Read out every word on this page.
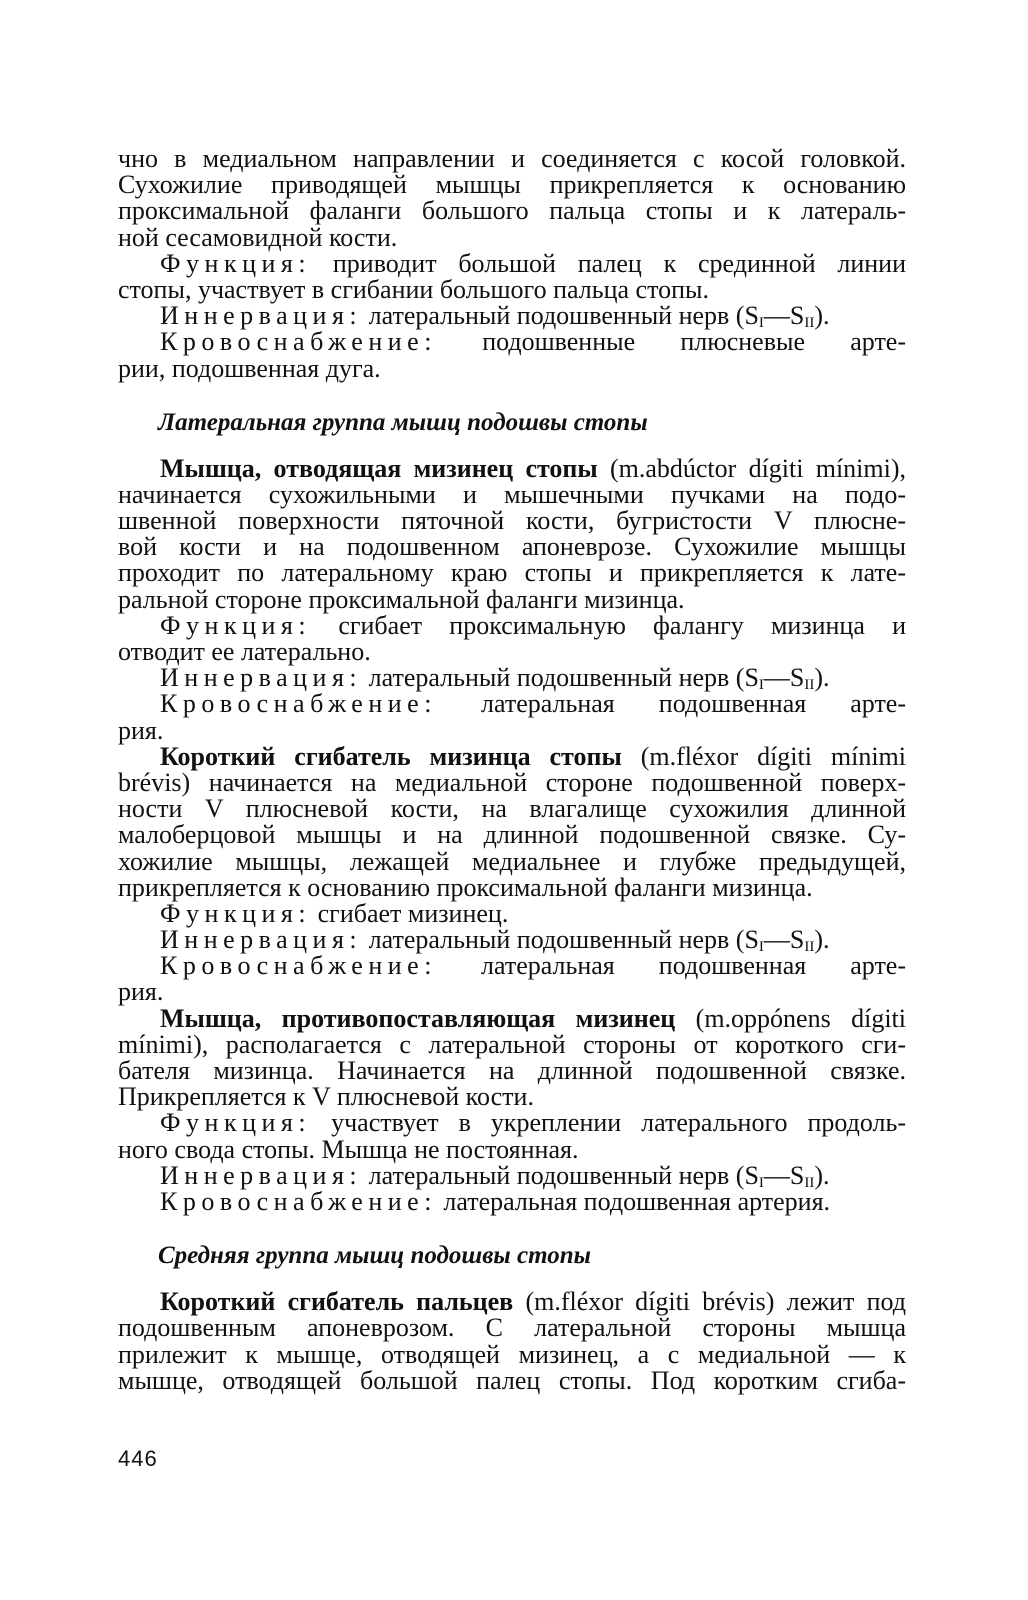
чно в медиальном направлении и соединяется с косой головкой.
Сухожилие приводящей мышцы прикрепляется к основанию
проксимальной фаланги большого пальца стопы и к латераль-
ной сесамовидной кости.
Функция: приводит большой палец к срединной линии
стопы, участвует в сгибании большого пальца стопы.
Иннервация: латеральный подошвенный нерв $(S_I—S_{II})$.
Кровоснабжение: подошвенные плюсневые арте-
рии, подошвенная дуга.
Латеральная группа мышц подошвы стопы
Мышца, отводящая мизинец стопы (m.abdúctor dígiti mínimi),
начинается сухожильными и мышечными пучками на подо-
швенной поверхности пяточной кости, бугристости V плюсне-
вой кости и на подошвенном апоневрозе. Сухожилие мышцы
проходит по латеральному краю стопы и прикрепляется к лате-
ральной стороне проксимальной фаланги мизинца.
Функция: сгибает проксимальную фалангу мизинца и
отводит ее латерально.
Иннервация: латеральный подошвенный нерв $(S_I—S_{II})$.
Кровоснабжение: латеральная подошвенная арте-
рия.
Короткий сгибатель мизинца стопы (m.fléxor dígiti mínimi
brévis) начинается на медиальной стороне подошвенной поверх-
ности V плюсневой кости, на влагалище сухожилия длинной
малоберцовой мышцы и на длинной подошвенной связке. Су-
хожилие мышцы, лежащей медиальнее и глубже предыдущей,
прикрепляется к основанию проксимальной фаланги мизинца.
Функция: сгибает мизинец.
Иннервация: латеральный подошвенный нерв $(S_I—S_{II})$.
Кровоснабжение: латеральная подошвенная арте-
рия.
Мышца, противопоставляющая мизинец (m.oppónens dígiti
mínimi), располагается с латеральной стороны от короткого сги-
бателя мизинца. Начинается на длинной подошвенной связке.
Прикрепляется к V плюсневой кости.
Функция: участвует в укреплении латерального продоль-
ного свода стопы. Мышца не постоянная.
Иннервация: латеральный подошвенный нерв $(S_I—S_{II})$.
Кровоснабжение: латеральная подошвенная артерия.
Средняя группа мышц подошвы стопы
Короткий сгибатель пальцев (m.fléxor dígiti brévis) лежит под
подошвенным апоневрозом. С латеральной стороны мышца
прилежит к мышце, отводящей мизинец, а с медиальной — к
мышце, отводящей большой палец стопы. Под коротким сгиба-
446
